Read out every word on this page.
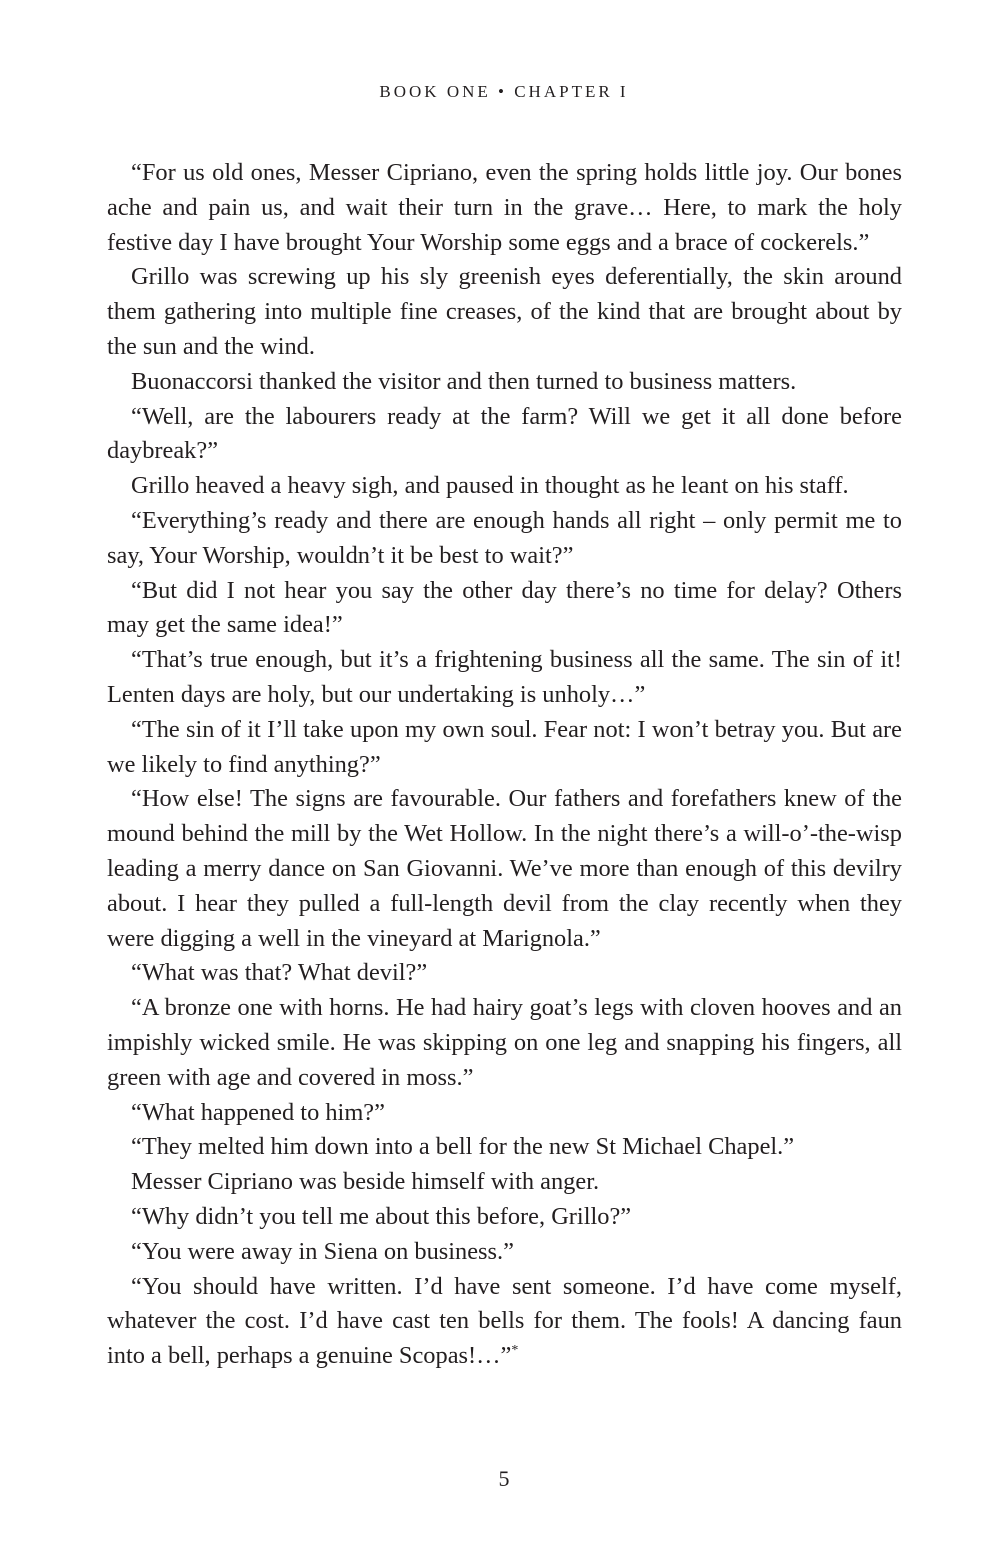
BOOK ONE • CHAPTER I

“For us old ones, Messer Cipriano, even the spring holds little joy. Our bones ache and pain us, and wait their turn in the grave… Here, to mark the holy festive day I have brought Your Worship some eggs and a brace of cockerels.”

Grillo was screwing up his sly greenish eyes deferentially, the skin around them gathering into multiple fine creases, of the kind that are brought about by the sun and the wind.

Buonaccorsi thanked the visitor and then turned to business matters.

“Well, are the labourers ready at the farm? Will we get it all done before daybreak?”

Grillo heaved a heavy sigh, and paused in thought as he leant on his staff.

“Everything’s ready and there are enough hands all right – only permit me to say, Your Worship, wouldn’t it be best to wait?”

“But did I not hear you say the other day there’s no time for delay? Others may get the same idea!”

“That’s true enough, but it’s a frightening business all the same. The sin of it! Lenten days are holy, but our undertaking is unholy…”

“The sin of it I’ll take upon my own soul. Fear not: I won’t betray you. But are we likely to find anything?”

“How else! The signs are favourable. Our fathers and forefathers knew of the mound behind the mill by the Wet Hollow. In the night there’s a will-o’-the-wisp leading a merry dance on San Giovanni. We’ve more than enough of this devilry about. I hear they pulled a full-length devil from the clay recently when they were digging a well in the vineyard at Marignola.”

“What was that? What devil?”

“A bronze one with horns. He had hairy goat’s legs with cloven hooves and an impishly wicked smile. He was skipping on one leg and snapping his fingers, all green with age and covered in moss.”

“What happened to him?”

“They melted him down into a bell for the new St Michael Chapel.”

Messer Cipriano was beside himself with anger.

“Why didn’t you tell me about this before, Grillo?”

“You were away in Siena on business.”

“You should have written. I’d have sent someone. I’d have come myself, whatever the cost. I’d have cast ten bells for them. The fools! A dancing faun into a bell, perhaps a genuine Scopas!…”*

5
